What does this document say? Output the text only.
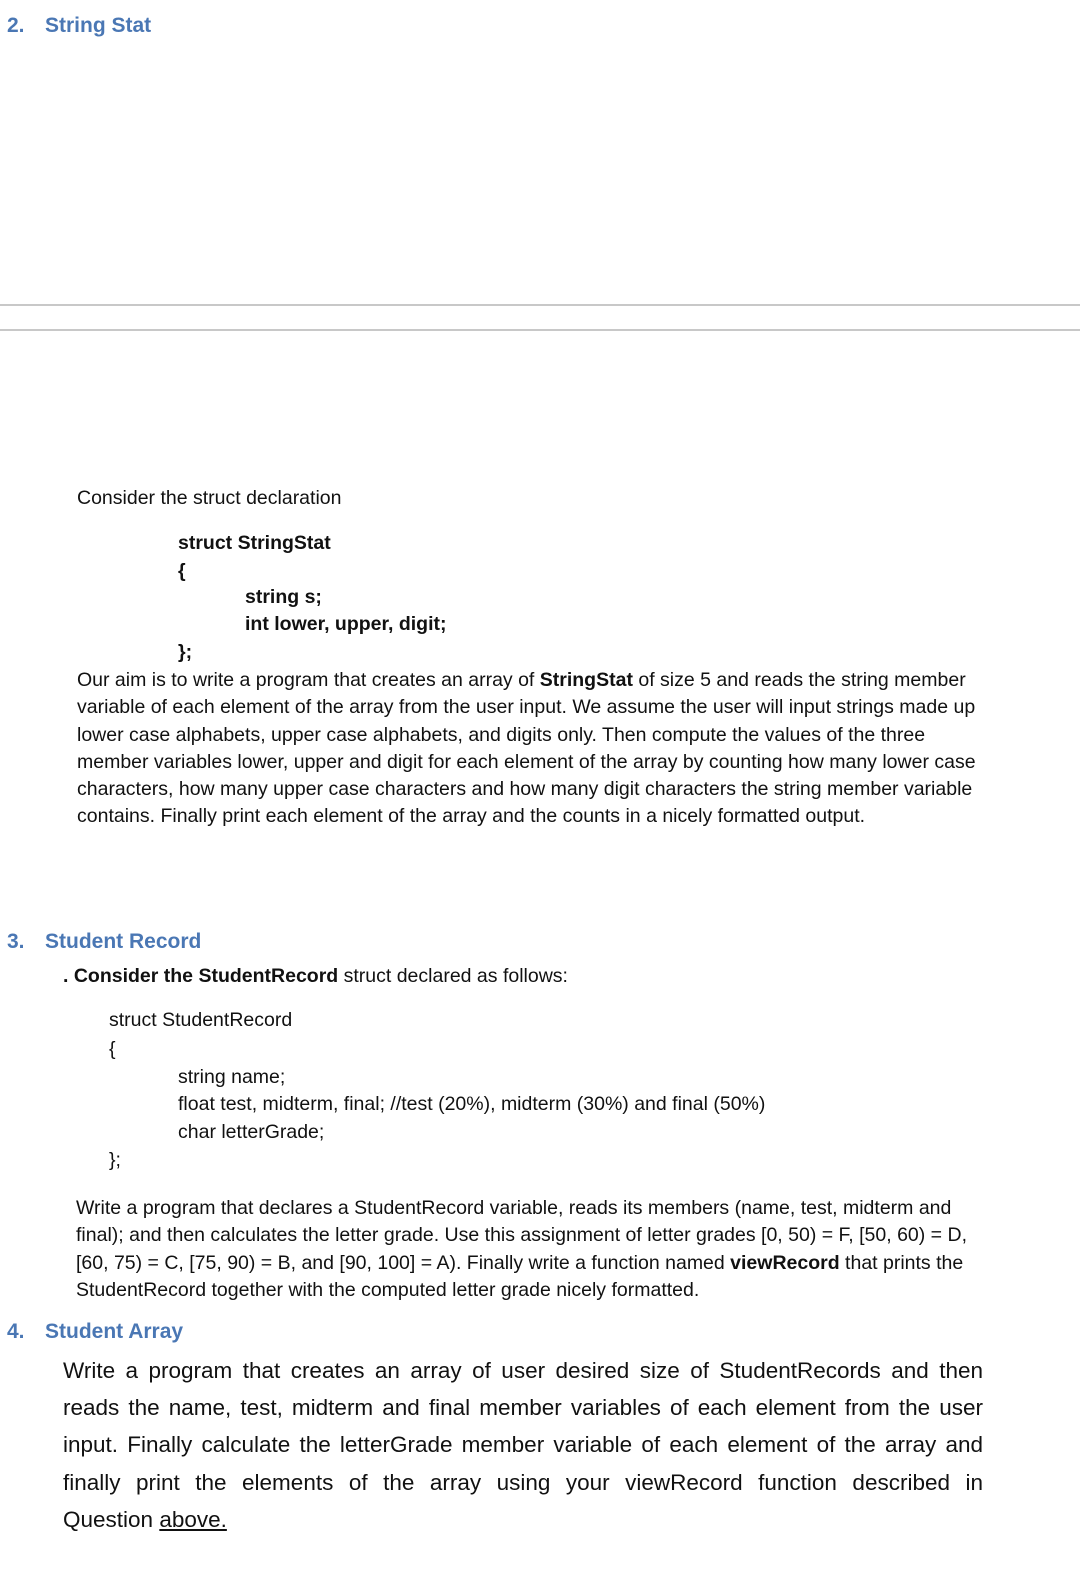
2. String Stat
Consider the struct declaration
struct StringStat
{
string s;
int lower, upper, digit;
};
Our aim is to write a program that creates an array of StringStat of size 5 and reads the string member
variable of each element of the array from the user input. We assume the user will input strings made up
lower case alphabets, upper case alphabets, and digits only. Then compute the values of the three
member variables lower, upper and digit for each element of the array by counting how many lower case
characters, how many upper case characters and how many digit characters the string member variable
contains. Finally print each element of the array and the counts in a nicely formatted output.
3. Student Record
. Consider the StudentRecord struct declared as follows:
struct StudentRecord
{
string name;
float test, midterm, final; //test (20%), midterm (30%) and final (50%)
char letterGrade;
};
Write a program that declares a StudentRecord variable, reads its members (name, test, midterm and
final); and then calculates the letter grade. Use this assignment of letter grades [0, 50) = F, [50, 60) = D,
[60, 75) = C, [75, 90) = B, and [90, 100] = A). Finally write a function named viewRecord that prints the
StudentRecord together with the computed letter grade nicely formatted.
4. Student Array
Write a program that creates an array of user desired size of StudentRecords and then
reads the name, test, midterm and final member variables of each element from the user
input. Finally calculate the letterGrade member variable of each element of the array and
finally print the elements of the array using your viewRecord function described in
Question above.
